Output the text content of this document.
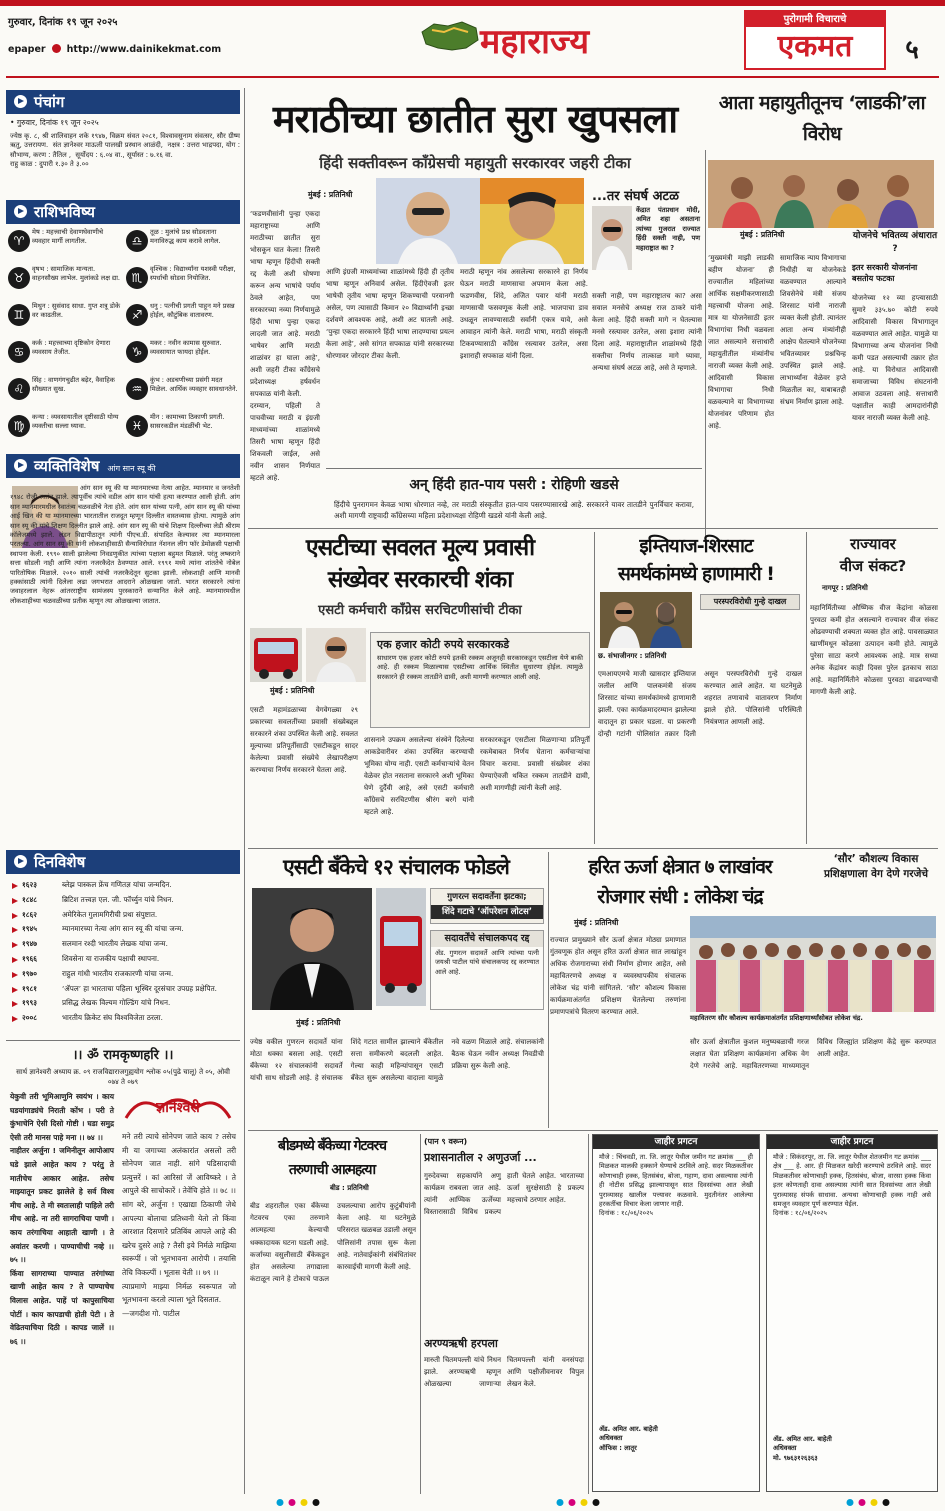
गुरुवार, दिनांक १९ जून २०२५
epaper http://www.dainikekmat.com	महाराज्य
पुरोगामी विचाराचे
एकमत	५
पंचांग
• गुरुवार, दिनांक १९ जून २०२५
ज्येष्ठ कृ. ८, श्री शालिवाहन शके १९४७, विक्रम संवत २०८१, विश्वावसुनाम संवत्सर, सौर ग्रीष्म ऋतु, उत्तरायण.  संत ज्ञानेश्वर माऊली पालखी प्रस्थान आळंदी,  नक्षत्र : उत्तरा भाद्रपदा, योग : सौभाग्य, करण : तैतिल ,  सूर्योदय : ६.०४ वा., सूर्यास्त : ७.१६ वा.
राहु काळ : दुपारी १.३० ते ३.००
राशिभविष्य
♈
मेष : महत्त्वाची देवाणघेवाणीचे व्यवहार मार्गी लागतील.
♉
वृषभ : सामाजिक मान्यता. वाहनसौख्य लाभेल. मुलांकडे लक्ष द्या.
♊
मिथुन : सुसंवाद साधा. गुप्त शत्रू डोके वर काढतील.
♋
कर्क : महत्त्वाच्या दृष्टिकोन देणारा व्यवसाय तेजीत.
♌
सिंह : वाणगंगचुढीत बढ़ेर, वैवाहिक सौख्यात सुख.
♍
कन्या : व्यवसायातील दृष्टीसाठी योग्य व्यक्तीचा सल्ला घ्यावा.
♎
तूळ : मुलांचे प्रश्न सोडवताना मनाविरुद्ध काम करावे लागेल.
♏
वृश्चिक : विद्यार्थ्यांना यशस्वी परीक्षा, स्पर्धाची सोडवा नियोजित.
♐
धनु : पत्नीची प्रगती पाहून मने प्रसन्न होईल, कौटुंबिक वातावरण.
♑
मकर : नवीन कामास सुरुवात. व्यवसायात फायदा होईल.
♒
कुंभ : अडचणीच्या प्रसंगी मदत मिळेल. आर्थिक व्यवहार सावधानतेने.
♓
मीन : कामाच्या ठिकाणी प्रगती. सासरकडील मंडळींची भेट.
व्यक्तिविशेष आंग सान स्यू की
आंग सान स्यू की या म्यानमारच्या नेत्या आहेत. म्यानमार व जनतेशी १९४८ रोजी स्वतंत्र झाले. त्यापूर्वीच त्यांचे वडील आंग सान यांची हत्या करण्यात आली होती. आंग सान म्यानमारमधील स्वातंत्र्य चळवळीचे नेता होते. आंग सान यांच्या पत्नी, आंग सान स्यू की यांच्या आई खिन की या म्यानमारच्या भारतातील राजदूत म्हणून दिल्लीत वास्तव्यास होत्या. त्यामुळे आंग सान स्यू की यांचे शिक्षण दिल्लीत झाले आहे. आंग सान स्यू की यांचे शिक्षण दिल्लीच्या लेडी श्रीराम कॉलेजमध्ये झाले. लंडन विद्यापीठातून त्यांनी पीएच.डी. संपादित केल्यावर त्या म्यानमारला परतल्या. आंग सान स्यू की यांनी लोकशाहीसाठी सैन्याविरोधात नॅशनल लीग फॉर डेमोक्रसी पक्षाची स्थापना केली. १९९० साली झालेल्या निवडणुकीत त्यांच्या पक्षाला बहुमत मिळाले. परंतु लष्कराने सत्ता सोडली नाही आणि त्यांना नजरकैदेत ठेवण्यात आले. १९९१ मध्ये त्यांना शांततेचे नोबेल पारितोषिक मिळाले. २०१० साली त्यांची नजरकैदेतून सुटका झाली. लोकशाही आणि मानवी हक्कांसाठी त्यांनी दिलेला लढा जगभरात आदराने ओळखला जातो. भारत सरकारने त्यांना जवाहरलाल नेहरू आंतरराष्ट्रीय सामंजस्य पुरस्काराने सन्मानित केले आहे. म्यानमारमधील लोकशाहीच्या चळवळीच्या प्रतीक म्हणून त्या ओळखल्या जातात.
दिनविशेष
१६२३	ब्लेझ पास्कल फ्रेंच गणितज्ञ यांचा जन्मदिन.
१८४८	ब्रिटिश तत्त्वज्ञ एल. जी. फॉर्च्युन यांचे निधन.
१८६२	अमेरिकेत गुलामगिरीची प्रथा संपुष्टात.
१९४५	म्यानमारच्या नेत्या आंग सान स्यू की यांचा जन्म.
१९४७	सलमान रश्दी भारतीय लेखक यांचा जन्म.
१९६६	शिवसेना या राजकीय पक्षाची स्थापना.
१९७०	राहुल गांधी भारतीय राजकारणी यांचा जन्म.
१९८१	‘ॲपल’ हा भारताचा पहिला भूस्थिर दूरसंचार उपग्रह प्रक्षेपित.
१९९३	प्रसिद्ध लेखक विल्यम गोल्डिंग यांचे निधन.
२००८	भारतीय क्रिकेट संघ विश्वविजेता ठरला.
।। ॐ रामकृष्णहरि ।।
सार्थ ज्ञानेश्वरी अध्याय क्र. ०९ राजविद्याराजगुह्ययोग श्लोक ०५(पुढे चालू) ते ०५, ओवी ०७४ ते ०७९
येकुवी तरी भूमिआणुनि स्वयंभ । काय घडयांगाड्यंचे निराती कोंभ । परी ते कुंभाचेनि ऐसी दिसो गोष्टी । घडा समुद्र ऐसी तरी मानस पाहे मना ।। ७४ ।।
नाहीतर अर्जुना ! जमिनीतून आपोआप घडे झाले आहेत काय ? परंतु ते मातीचेच आकार आहेत. तसेच माझ्यातून प्रकट झालेले हे सर्व विश्व मीच आहे. ते मी स्वतःलाही पाहिले तरी मीच आहे. ना तरी सागराचिया पाणी । काय तरंगाचिया आहाती खाणी । ते अवांतर करणी । पाण्याचीची नव्हे ।। ७५ ।।
किंवा सागराच्या पाण्यात तरंगांच्या खाणी आहेत काय ? ते पाण्याचेच विलास आहेत. पाहें पां कापुसाचिया पोटीं । काय कापडाची होती पेटी । ते वेढितयाचिया दिठी । कापड जालें ।। ७६ ।।
ज्ञानेश्वरी
मने तरी त्याचे सोनेपण जाते काय ? तसेच मी या जगाच्या अलंकारांत असलो तरी सोनेपण जात नाही. सांगे पडिसादाची प्रत्युत्तरें । कां आरिसां जें आविष्करे । ते आपुले की साचोकारें । तेवेंचि होते ।। ७८ ।।
सांग बरे, अर्जुना ! एखाद्या ठिकाणी जेथे आपल्या बोलाचा प्रतिध्वनी येतो तो किंवा आरशात दिसणारे प्रतिबिंब आपले आहे की खरेच दुसरे आहे ? तैसी इये निर्मळे माझिया स्वरूपीं । जो भूतभावना आरोपी । तयासि तेचि विकल्पीं । भूतास येती ।। ७९ ।।
त्याप्रमाणे माझ्या निर्मळ स्वरूपात जो भूतभावना करतो त्याला भूते दिसतात.
—जगदीश गो. पाटील
मराठीच्या छातीत सुरा खुपसला
हिंदी सक्तीवरून काँग्रेसची महायुती सरकारवर जहरी टीका
मुंबई : प्रतिनिधी
‘फडणवीसांनी पुन्हा एकदा महाराष्ट्राच्या आणि मराठीच्या छातीत सुरा भोसकून घात केला! तिसरी भाषा म्हणून हिंदीची सक्ती रद्द केली अशी घोषणा करून अन्य भाषांचे पर्याय ठेवले आहेत, पण सरकारच्या नव्या निर्णयामुळे हिंदी भाषा पुन्हा एकदा लादली जात आहे. मराठी भाषेवर आणि मराठी शाळांवर हा घाला आहे’, अशी जहरी टीका काँग्रेसचे प्रदेशाध्यक्ष हर्षवर्धन सपकाळ यांनी केली.
दरम्यान, पहिली ते पाचवीच्या मराठी व इंग्रजी माध्यमांच्या शाळांमध्ये तिसरी भाषा म्हणून हिंदी शिकवली जाईल, असे नवीन शासन निर्णयात म्हटले आहे.
आणि इंग्रजी माध्यमांच्या शाळांमध्ये हिंदी ही तृतीय भाषा म्हणून अनिवार्य असेल. हिंदीऐवजी इतर भाषेची तृतीय भाषा म्हणून शिकण्याची परवानगी असेल, पण त्यासाठी किमान २० विद्यार्थ्यांनी इच्छा दर्शवणे आवश्यक आहे, अशी अट घातली आहे. ‘पुन्हा एकदा सरकारने हिंदी भाषा लादण्याचा प्रयत्न केला आहे’, असे सांगत सपकाळ यांनी सरकारच्या धोरणावर जोरदार टीका केली.
मराठी म्हणून नांव असलेल्या सरकारने हा निर्णय घेऊन मराठी माणसाचा अपमान केला आहे. फडणवीस, शिंदे, अजित पवार यांनी मराठी माणसाची फसवणूक केली आहे. भाजपाचा डाव उधळून लावण्यासाठी सर्वांनी एकत्र यावे, असे आवाहन त्यांनी केले. मराठी भाषा, मराठी संस्कृती टिकवण्यासाठी काँग्रेस रस्त्यावर उतरेल, असा इशाराही सपकाळ यांनी दिला.
...तर संघर्ष अटळ
केंद्रात पंतप्रधान मोदी, अमित शहा असताना त्यांच्या गुजरात राज्यात हिंदी सक्ती नाही, पण महाराष्ट्रात का ?
सक्ती नाही, पण महाराष्ट्रातच का? असा सवाल मनसेचे अध्यक्ष राज ठाकरे यांनी केला आहे. हिंदी सक्ती मागे न घेतल्यास मनसे रस्त्यावर उतरेल, असा इशारा त्यांनी दिला आहे. महाराष्ट्रातील शाळांमध्ये हिंदी सक्तीचा निर्णय तात्काळ मागे घ्यावा, अन्यथा संघर्ष अटळ आहे, असे ते म्हणाले.
अन् हिंदी हात-पाय पसरी : रोहिणी खडसे
हिंदीचे पुनरागमन केवळ भाषा धोरणात नव्हे, तर मराठी संस्कृतीत हात-पाय पसरण्यासारखे आहे. सरकारने यावर तातडीने पुनर्विचार करावा, अशी मागणी राष्ट्रवादी काँग्रेसच्या महिला प्रदेशाध्यक्षा रोहिणी खडसे यांनी केली आहे.
आता महायुतीतूनच ‘लाडकी’ला विरोध
योजनेचे भवितव्य अंधारात ?
मुंबई : प्रतिनिधी
‘मुख्यमंत्री माझी लाडकी बहीण योजना’ ही राज्यातील महिलांच्या आर्थिक सक्षमीकरणासाठी महत्त्वाची योजना आहे. मात्र या योजनेसाठी इतर विभागांचा निधी वळवला जात असल्याने सत्ताधारी महायुतीतील मंत्र्यांनीच नाराजी व्यक्त केली आहे. आदिवासी विकास विभागाचा निधी वळवल्याने या विभागाच्या योजनांवर परिणाम होत आहे.
सामाजिक न्याय विभागाचा निधीही या योजनेकडे वळवण्यात आल्याने शिवसेनेचे मंत्री संजय शिरसाट यांनी नाराजी व्यक्त केली होती. त्यानंतर आता अन्य मंत्र्यांनीही आक्षेप घेतल्याने योजनेच्या भवितव्यावर प्रश्नचिन्ह उपस्थित झाले आहे. लाभार्थ्यांना वेळेवर हप्ते मिळतील का, याबाबतही संभ्रम निर्माण झाला आहे.
इतर सरकारी योजनांना बसतोय फटका
योजनेच्या १२ व्या हप्त्यासाठी सुमारे ३३५.७० कोटी रुपये आदिवासी विकास विभागातून वळवण्यात आले आहेत. यामुळे या विभागाच्या अन्य योजनांना निधी कमी पडत असल्याची तक्रार होत आहे. या विरोधात आदिवासी समाजाच्या विविध संघटनांनी आवाज उठवला आहे. सत्ताधारी पक्षातील काही आमदारांनीही यावर नाराजी व्यक्त केली आहे.
एसटीच्या सवलत मूल्य प्रवासी
संख्येवर सरकारची शंका
एसटी कर्मचारी काँग्रेस सरचिटणीसांची टीका
मुंबई : प्रतिनिधी
एक हजार कोटी रुपये सरकारकडे
साधारण एक हजार कोटी रुपये इतकी रक्कम अजूनही सरकारकडून एसटीला येणे बाकी आहे. ही रक्कम मिळाल्यास एसटीच्या आर्थिक स्थितीत सुधारणा होईल. त्यामुळे सरकारने ही रक्कम तातडीने द्यावी, अशी मागणी करण्यात आली आहे.
एसटी महामंडळाच्या वेगवेगळ्या २९ प्रकारच्या सवलतींच्या प्रवासी संख्येबद्दल सरकारने शंका उपस्थित केली आहे. सवलत मूल्याच्या प्रतिपूर्तीसाठी एसटीकडून सादर केलेल्या प्रवासी संख्येचे लेखापरीक्षण करण्याचा निर्णय सरकारने घेतला आहे.
शासनाने उपक्रम असलेल्या संस्थेने दिलेल्या आकडेवारीवर शंका उपस्थित करण्याची भूमिका योग्य नाही. एसटी कर्मचाऱ्यांचे वेतन वेळेवर होत नसताना सरकारने अशी भूमिका घेणे दुर्दैवी आहे, असे एसटी कर्मचारी काँग्रेसचे सरचिटणीस श्रीरंग बरगे यांनी म्हटले आहे.
सरकारकडून एसटीला मिळणाऱ्या प्रतिपूर्ती रकमेबाबत निर्णय घेताना कर्मचाऱ्यांचा विचार करावा. प्रवासी संख्येवर शंका घेण्याऐवजी थकित रक्कम तातडीने द्यावी, अशी मागणीही त्यांनी केली आहे.
इम्तियाज-शिरसाट
समर्थकांमध्ये हाणामारी !
छ. संभाजीनगर : प्रतिनिधी
परस्परविरोधी गुन्हे दाखल
एमआयएमचे माजी खासदार इम्तियाज जलील आणि पालकमंत्री संजय शिरसाट यांच्या समर्थकांमध्ये हाणामारी झाली. एका कार्यक्रमादरम्यान झालेल्या वादातून हा प्रकार घडला. या प्रकरणी दोन्ही गटांनी पोलिसांत तक्रार दिली असून परस्परविरोधी गुन्हे दाखल करण्यात आले आहेत. या घटनेमुळे शहरात तणावाचे वातावरण निर्माण झाले होते. पोलिसांनी परिस्थिती नियंत्रणात आणली आहे.
राज्यावर
वीज संकट?
नागपूर : प्रतिनिधी
महानिर्मितीच्या औष्णिक वीज केंद्रांना कोळसा पुरवठा कमी होत असल्याने राज्यावर वीज संकट ओढवण्याची शक्यता व्यक्त होत आहे. पावसाळ्यात खाणींमधून कोळसा उत्पादन कमी होते. त्यामुळे पुरेसा साठा करणे आवश्यक आहे. मात्र सध्या अनेक केंद्रांवर काही दिवस पुरेल इतकाच साठा आहे. महानिर्मितीने कोळसा पुरवठा वाढवण्याची मागणी केली आहे.
एसटी बँकेचे १२ संचालक फोडले
गुणरत्न सदावर्तेंना झटका;
शिंदे गटाचे ‘ऑपरेशन लोटस’
सदावर्तेंचे संचालकपद रद्द
ॲड. गुणरत्न सदावर्ते आणि त्यांच्या पत्नी जयश्री पाटील यांचे संचालकपद रद्द करण्यात आले आहे.
मुंबई : प्रतिनिधी
ज्येष्ठ वकील गुणरत्न सदावर्ते यांना मोठा धक्का बसला आहे. एसटी बँकेच्या १२ संचालकांनी सदावर्ते यांची साथ सोडली आहे. हे संचालक शिंदे गटात सामील झाल्याने बँकेतील सत्ता समीकरणे बदलली आहेत. गेल्या काही महिन्यांपासून एसटी बँकेत सुरू असलेल्या वादाला यामुळे नवे वळण मिळाले आहे. संचालकांनी बैठक घेऊन नवीन अध्यक्ष निवडीची प्रक्रिया सुरू केली आहे.
हरित ऊर्जा क्षेत्रात ७ लाखांवर
रोजगार संधी : लोकेश चंद्र
मुंबई : प्रतिनिधी
राज्यात प्रामुख्याने सौर ऊर्जा क्षेत्रात मोठ्या प्रमाणात गुंतवणूक होत असून हरित ऊर्जा क्षेत्रात सात लाखांहून अधिक रोजगाराच्या संधी निर्माण होणार आहेत, असे महावितरणचे अध्यक्ष व व्यवस्थापकीय संचालक लोकेश चंद्र यांनी सांगितले. ‘सौर’ कौशल्य विकास कार्यक्रमाअंतर्गत प्रशिक्षण घेतलेल्या तरुणांना प्रमाणपत्रांचे वितरण करण्यात आले.
महावितरण सौर कौशल्य कार्यक्रमाअंतर्गत प्रशिक्षणार्थ्यांसोबत लोकेश चंद्र.
‘सौर’ कौशल्य विकास प्रशिक्षणाला वेग देणे गरजेचे
सौर ऊर्जा क्षेत्रातील कुशल मनुष्यबळाची गरज लक्षात घेता प्रशिक्षण कार्यक्रमांना अधिक वेग देणे गरजेचे आहे. महावितरणच्या माध्यमातून विविध जिल्ह्यांत प्रशिक्षण केंद्रे सुरू करण्यात आली आहेत.
बीडमध्ये बँकेच्या गेटवरच
तरुणाची आत्महत्या
बीड : प्रतिनिधी
बीड शहरातील एका बँकेच्या गेटवरच एका तरुणाने आत्महत्या केल्याची धक्कादायक घटना घडली आहे. कर्जाच्या वसुलीसाठी बँकेकडून होत असलेल्या तगाद्याला कंटाळून त्याने हे टोकाचे पाऊल उचलल्याचा आरोप कुटुंबीयांनी केला आहे. या घटनेमुळे परिसरात खळबळ उडाली असून पोलिसांनी तपास सुरू केला आहे. नातेवाईकांनी संबंधितांवर कारवाईची मागणी केली आहे.
(पान ९ वरून)
प्रशासनातील २ अणुउर्जा ...
गुरुदेवच्या सहकार्याने अणु कार्यक्रम राबवला जात आहे. त्यांनी आण्विक ऊर्जेच्या विस्तारासाठी विविध प्रकल्प हाती घेतले आहेत. भारताच्या ऊर्जा सुरक्षेसाठी हे प्रकल्प महत्त्वाचे ठरणार आहेत.
अरण्यऋषी हरपला
मारुती चितमपल्ली यांचे निधन झाले. अरण्यऋषी म्हणून ओळखल्या जाणाऱ्या चितमपल्ली यांनी वनसंपदा आणि पक्षीजीवनावर विपुल लेखन केले.
जाहीर प्रगटन
मौजे : चिंचवडी, ता. जि. लातूर येथील जमीन गट क्रमांक ___ ही मिळकत मालकी हक्काने घेण्याचे ठरविले आहे. सदर मिळकतीवर कोणाचाही हक्क, हितसंबंध, बोजा, गहाण, दावा असल्यास त्यांनी ही नोटीस प्रसिद्ध झाल्यापासून सात दिवसांच्या आत लेखी पुराव्यासह खालील पत्त्यावर कळवावे. मुदतीनंतर आलेल्या हरकतींचा विचार केला जाणार नाही.
दिनांक : १८/०६/२०२५
ॲड. अमित आर. बाहेती
अधिवक्ता
ऑफिस : लातूर
जाहीर प्रगटन
मौजे : सिकंदरपूर, ता. जि. लातूर येथील शेतजमीन गट क्रमांक ___ क्षेत्र ___ हे. आर. ही मिळकत खरेदी करण्याचे ठरविले आहे. सदर मिळकतीवर कोणाचाही हक्क, हितसंबंध, बोजा, वारसा हक्क किंवा इतर कोणताही दावा असल्यास त्यांनी सात दिवसांच्या आत लेखी पुराव्यासह संपर्क साधावा. अन्यथा कोणाचाही हक्क नाही असे समजून व्यवहार पूर्ण करण्यात येईल.
दिनांक : १८/०६/२०२५
ॲड. अमित आर. बाहेती
अधिवक्ता
मो. ९७६३१२६३६३
